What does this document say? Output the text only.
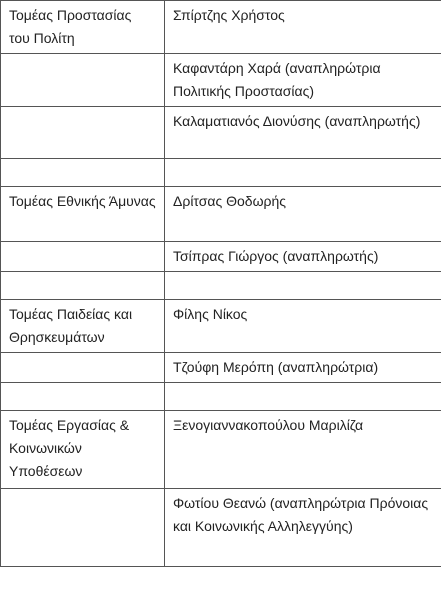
Τομέας Προστασίας του Πολίτη	Σπίρτζης Χρήστος
	Καφαντάρη Χαρά (αναπληρώτρια Πολιτικής Προστασίας)
	Καλαματιανός Διονύσης (αναπληρωτής)

Τομέας Εθνικής Άμυνας	Δρίτσας Θοδωρής
	Τσίπρας Γιώργος (αναπληρωτής)

Τομέας Παιδείας και Θρησκευμάτων	Φίλης Νίκος
	Τζούφη Μερόπη (αναπληρώτρια)

Τομέας Εργασίας & Κοινωνικών Υποθέσεων	Ξενογιαννακοπούλου Μαριλίζα
	Φωτίου Θεανώ (αναπληρώτρια Πρόνοιας και Κοινωνικής Αλληλεγγύης)
